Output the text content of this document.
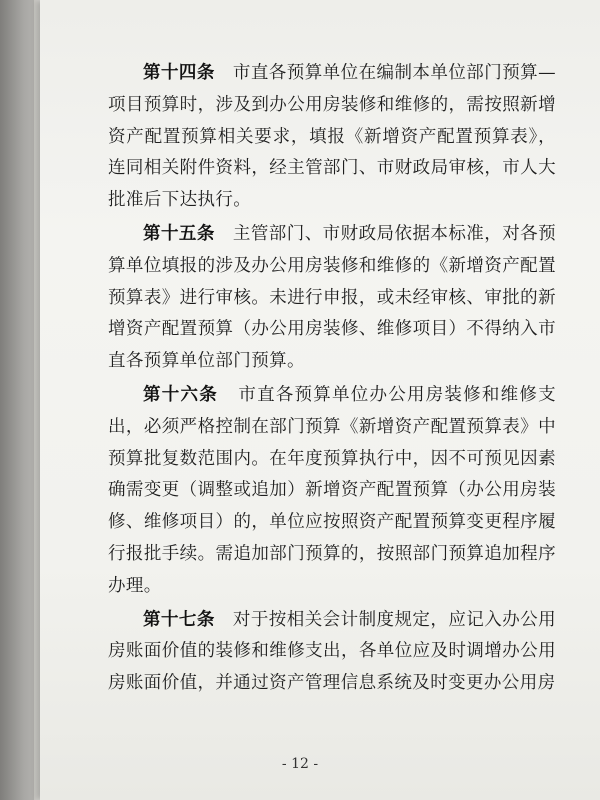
第十四条 市直各预算单位在编制本单位部门预算—项目预算时，涉及到办公用房装修和维修的，需按照新增资产配置预算相关要求，填报《新增资产配置预算表》，连同相关附件资料，经主管部门、市财政局审核，市人大批准后下达执行。

第十五条 主管部门、市财政局依据本标准，对各预算单位填报的涉及办公用房装修和维修的《新增资产配置预算表》进行审核。未进行申报，或未经审核、审批的新增资产配置预算（办公用房装修、维修项目）不得纳入市直各预算单位部门预算。

第十六条 市直各预算单位办公用房装修和维修支出，必须严格控制在部门预算《新增资产配置预算表》中预算批复数范围内。在年度预算执行中，因不可预见因素确需变更（调整或追加）新增资产配置预算（办公用房装修、维修项目）的，单位应按照资产配置预算变更程序履行报批手续。需追加部门预算的，按照部门预算追加程序办理。

第十七条 对于按相关会计制度规定，应记入办公用房账面价值的装修和维修支出，各单位应及时调增办公用房账面价值，并通过资产管理信息系统及时变更办公用房

- 12 -
